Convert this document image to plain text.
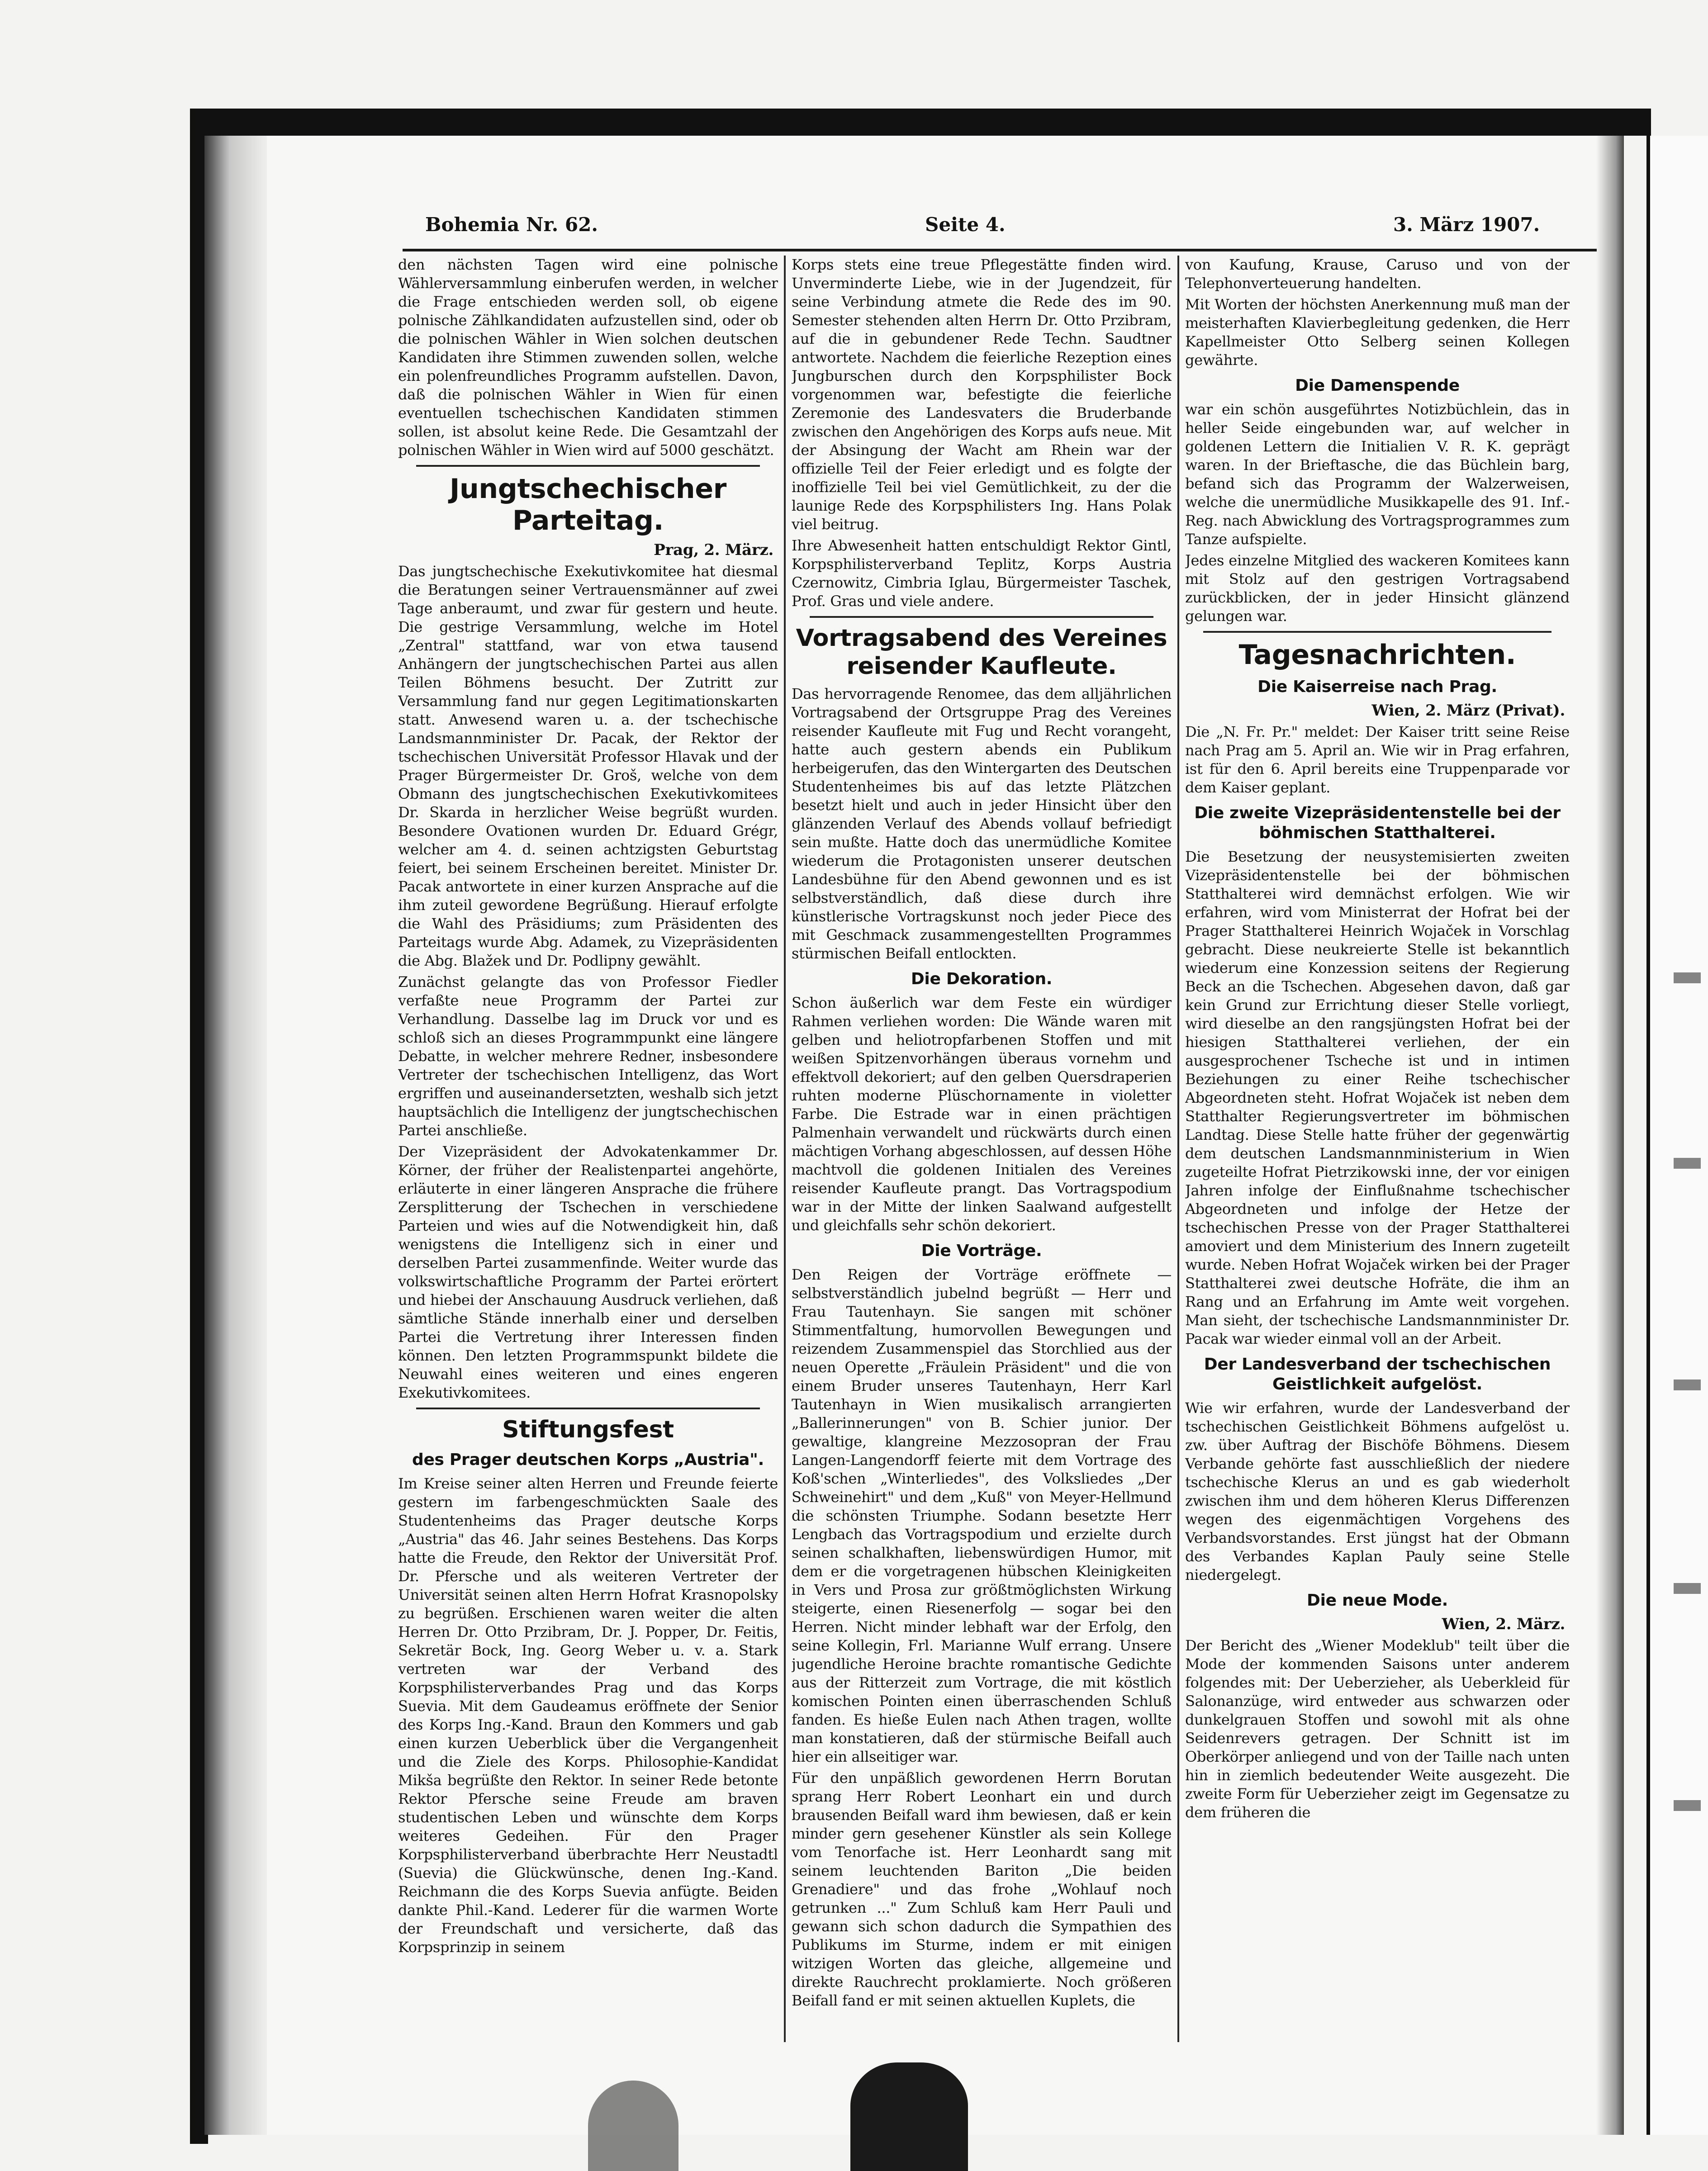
Bohemia Nr. 62.	Seite 4.	3. März 1907.

den nächsten Tagen wird eine polnische Wählerversammlung einberufen werden, in welcher die Frage entschieden werden soll, ob eigene polnische Zählkandidaten aufzustellen sind, oder ob die polnischen Wähler in Wien solchen deutschen Kandidaten ihre Stimmen zuwenden sollen, welche ein polenfreundliches Programm aufstellen. Davon, daß die polnischen Wähler in Wien für einen eventuellen tschechischen Kandidaten stimmen sollen, ist absolut keine Rede. Die Gesamtzahl der polnischen Wähler in Wien wird auf 5000 geschätzt.

Jungtschechischer Parteitag.

Prag, 2. März.

Das jungtschechische Exekutivkomitee hat diesmal die Beratungen seiner Vertrauensmänner auf zwei Tage anberaumt, und zwar für gestern und heute. Die gestrige Versammlung, welche im Hotel „Zentral" stattfand, war von etwa tausend Anhängern der jungtschechischen Partei aus allen Teilen Böhmens besucht. Der Zutritt zur Versammlung fand nur gegen Legitimationskarten statt. Anwesend waren u. a. der tschechische Landsmannminister Dr. Pacak, der Rektor der tschechischen Universität Professor Hlavak und der Prager Bürgermeister Dr. Groš, welche von dem Obmann des jungtschechischen Exekutivkomitees Dr. Skarda in herzlicher Weise begrüßt wurden. Besondere Ovationen wurden Dr. Eduard Grégr, welcher am 4. d. seinen achtzigsten Geburtstag feiert, bei seinem Erscheinen bereitet. Minister Dr. Pacak antwortete in einer kurzen Ansprache auf die ihm zuteil gewordene Begrüßung. Hierauf erfolgte die Wahl des Präsidiums; zum Präsidenten des Parteitags wurde Abg. Adamek, zu Vizepräsidenten die Abg. Blažek und Dr. Podlipny gewählt.

Zunächst gelangte das von Professor Fiedler verfaßte neue Programm der Partei zur Verhandlung. Dasselbe lag im Druck vor und es schloß sich an dieses Programmpunkt eine längere Debatte, in welcher mehrere Redner, insbesondere Vertreter der tschechischen Intelligenz, das Wort ergriffen und auseinandersetzten, weshalb sich jetzt hauptsächlich die Intelligenz der jungtschechischen Partei anschließe.

Der Vizepräsident der Advokatenkammer Dr. Körner, der früher der Realistenpartei angehörte, erläuterte in einer längeren Ansprache die frühere Zersplitterung der Tschechen in verschiedene Parteien und wies auf die Notwendigkeit hin, daß wenigstens die Intelligenz sich in einer und derselben Partei zusammenfinde. Weiter wurde das volkswirtschaftliche Programm der Partei erörtert und hiebei der Anschauung Ausdruck verliehen, daß sämtliche Stände innerhalb einer und derselben Partei die Vertretung ihrer Interessen finden können. Den letzten Programmspunkt bildete die Neuwahl eines weiteren und eines engeren Exekutivkomitees.

Stiftungsfest

des Prager deutschen Korps „Austria".

Im Kreise seiner alten Herren und Freunde feierte gestern im farbengeschmückten Saale des Studentenheims das Prager deutsche Korps „Austria" das 46. Jahr seines Bestehens. Das Korps hatte die Freude, den Rektor der Universität Prof. Dr. Pfersche und als weiteren Vertreter der Universität seinen alten Herrn Hofrat Krasnopolsky zu begrüßen. Erschienen waren weiter die alten Herren Dr. Otto Przibram, Dr. J. Popper, Dr. Feitis, Sekretär Bock, Ing. Georg Weber u. v. a. Stark vertreten war der Verband des Korpsphilisterverbandes Prag und das Korps Suevia. Mit dem Gaudeamus eröffnete der Senior des Korps Ing.-Kand. Braun den Kommers und gab einen kurzen Ueberblick über die Vergangenheit und die Ziele des Korps. Philosophie-Kandidat Mikša begrüßte den Rektor. In seiner Rede betonte Rektor Pfersche seine Freude am braven studentischen Leben und wünschte dem Korps weiteres Gedeihen. Für den Prager Korpsphilisterverband überbrachte Herr Neustadtl (Suevia) die Glückwünsche, denen Ing.-Kand. Reichmann die des Korps Suevia anfügte. Beiden dankte Phil.-Kand. Lederer für die warmen Worte der Freundschaft und versicherte, daß das Korpsprinzip in seinem

Korps stets eine treue Pflegestätte finden wird. Unverminderte Liebe, wie in der Jugendzeit, für seine Verbindung atmete die Rede des im 90. Semester stehenden alten Herrn Dr. Otto Przibram, auf die in gebundener Rede Techn. Saudtner antwortete. Nachdem die feierliche Rezeption eines Jungburschen durch den Korpsphilister Bock vorgenommen war, befestigte die feierliche Zeremonie des Landesvaters die Bruderbande zwischen den Angehörigen des Korps aufs neue. Mit der Absingung der Wacht am Rhein war der offizielle Teil der Feier erledigt und es folgte der inoffizielle Teil bei viel Gemütlichkeit, zu der die launige Rede des Korpsphilisters Ing. Hans Polak viel beitrug.

Ihre Abwesenheit hatten entschuldigt Rektor Gintl, Korpsphilisterverband Teplitz, Korps Austria Czernowitz, Cimbria Iglau, Bürgermeister Taschek, Prof. Gras und viele andere.

Vortragsabend des Vereines reisender Kaufleute.

Das hervorragende Renomee, das dem alljährlichen Vortragsabend der Ortsgruppe Prag des Vereines reisender Kaufleute mit Fug und Recht vorangeht, hatte auch gestern abends ein Publikum herbeigerufen, das den Wintergarten des Deutschen Studentenheimes bis auf das letzte Plätzchen besetzt hielt und auch in jeder Hinsicht über den glänzenden Verlauf des Abends vollauf befriedigt sein mußte. Hatte doch das unermüdliche Komitee wiederum die Protagonisten unserer deutschen Landesbühne für den Abend gewonnen und es ist selbstverständlich, daß diese durch ihre künstlerische Vortragskunst noch jeder Piece des mit Geschmack zusammengestellten Programmes stürmischen Beifall entlockten.

Die Dekoration.

Schon äußerlich war dem Feste ein würdiger Rahmen verliehen worden: Die Wände waren mit gelben und heliotropfarbenen Stoffen und mit weißen Spitzenvorhängen überaus vornehm und effektvoll dekoriert; auf den gelben Quersdraperien ruhten moderne Plüschornamente in violetter Farbe. Die Estrade war in einen prächtigen Palmenhain verwandelt und rückwärts durch einen mächtigen Vorhang abgeschlossen, auf dessen Höhe machtvoll die goldenen Initialen des Vereines reisender Kaufleute prangt. Das Vortragspodium war in der Mitte der linken Saalwand aufgestellt und gleichfalls sehr schön dekoriert.

Die Vorträge.

Den Reigen der Vorträge eröffnete — selbstverständlich jubelnd begrüßt — Herr und Frau Tautenhayn. Sie sangen mit schöner Stimmentfaltung, humorvollen Bewegungen und reizendem Zusammenspiel das Storchlied aus der neuen Operette „Fräulein Präsident" und die von einem Bruder unseres Tautenhayn, Herr Karl Tautenhayn in Wien musikalisch arrangierten „Ballerinnerungen" von B. Schier junior. Der gewaltige, klangreine Mezzosopran der Frau Langen-Langendorff feierte mit dem Vortrage des Koß'schen „Winterliedes", des Volksliedes „Der Schweinehirt" und dem „Kuß" von Meyer-Hellmund die schönsten Triumphe. Sodann besetzte Herr Lengbach das Vortragspodium und erzielte durch seinen schalkhaften, liebenswürdigen Humor, mit dem er die vorgetragenen hübschen Kleinigkeiten in Vers und Prosa zur größtmöglichsten Wirkung steigerte, einen Riesenerfolg — sogar bei den Herren. Nicht minder lebhaft war der Erfolg, den seine Kollegin, Frl. Marianne Wulf errang. Unsere jugendliche Heroine brachte romantische Gedichte aus der Ritterzeit zum Vortrage, die mit köstlich komischen Pointen einen überraschenden Schluß fanden. Es hieße Eulen nach Athen tragen, wollte man konstatieren, daß der stürmische Beifall auch hier ein allseitiger war.

Für den unpäßlich gewordenen Herrn Borutan sprang Herr Robert Leonhart ein und durch brausenden Beifall ward ihm bewiesen, daß er kein minder gern gesehener Künstler als sein Kollege vom Tenorfache ist. Herr Leonhardt sang mit seinem leuchtenden Bariton „Die beiden Grenadiere" und das frohe „Wohlauf noch getrunken ..." Zum Schluß kam Herr Pauli und gewann sich schon dadurch die Sympathien des Publikums im Sturme, indem er mit einigen witzigen Worten das gleiche, allgemeine und direkte Rauchrecht proklamierte. Noch größeren Beifall fand er mit seinen aktuellen Kuplets, die

von Kaufung, Krause, Caruso und von der Telephonverteuerung handelten.

Mit Worten der höchsten Anerkennung muß man der meisterhaften Klavierbegleitung gedenken, die Herr Kapellmeister Otto Selberg seinen Kollegen gewährte.

Die Damenspende

war ein schön ausgeführtes Notizbüchlein, das in heller Seide eingebunden war, auf welcher in goldenen Lettern die Initialien V. R. K. geprägt waren. In der Brieftasche, die das Büchlein barg, befand sich das Programm der Walzerweisen, welche die unermüdliche Musikkapelle des 91. Inf.-Reg. nach Abwicklung des Vortragsprogrammes zum Tanze aufspielte.

Jedes einzelne Mitglied des wackeren Komitees kann mit Stolz auf den gestrigen Vortragsabend zurückblicken, der in jeder Hinsicht glänzend gelungen war.

Tagesnachrichten.

Die Kaiserreise nach Prag.

Wien, 2. März (Privat).

Die „N. Fr. Pr." meldet: Der Kaiser tritt seine Reise nach Prag am 5. April an. Wie wir in Prag erfahren, ist für den 6. April bereits eine Truppenparade vor dem Kaiser geplant.

Die zweite Vizepräsidentenstelle bei der böhmischen Statthalterei.

Die Besetzung der neusystemisierten zweiten Vizepräsidentenstelle bei der böhmischen Statthalterei wird demnächst erfolgen. Wie wir erfahren, wird vom Ministerrat der Hofrat bei der Prager Statthalterei Heinrich Wojaček in Vorschlag gebracht. Diese neukreierte Stelle ist bekanntlich wiederum eine Konzession seitens der Regierung Beck an die Tschechen. Abgesehen davon, daß gar kein Grund zur Errichtung dieser Stelle vorliegt, wird dieselbe an den rangsjüngsten Hofrat bei der hiesigen Statthalterei verliehen, der ein ausgesprochener Tscheche ist und in intimen Beziehungen zu einer Reihe tschechischer Abgeordneten steht. Hofrat Wojaček ist neben dem Statthalter Regierungsvertreter im böhmischen Landtag. Diese Stelle hatte früher der gegenwärtig dem deutschen Landsmannministerium in Wien zugeteilte Hofrat Pietrzikowski inne, der vor einigen Jahren infolge der Einflußnahme tschechischer Abgeordneten und infolge der Hetze der tschechischen Presse von der Prager Statthalterei amoviert und dem Ministerium des Innern zugeteilt wurde. Neben Hofrat Wojaček wirken bei der Prager Statthalterei zwei deutsche Hofräte, die ihm an Rang und an Erfahrung im Amte weit vorgehen. Man sieht, der tschechische Landsmannminister Dr. Pacak war wieder einmal voll an der Arbeit.

Der Landesverband der tschechischen Geistlichkeit aufgelöst.

Wie wir erfahren, wurde der Landesverband der tschechischen Geistlichkeit Böhmens aufgelöst u. zw. über Auftrag der Bischöfe Böhmens. Diesem Verbande gehörte fast ausschließlich der niedere tschechische Klerus an und es gab wiederholt zwischen ihm und dem höheren Klerus Differenzen wegen des eigenmächtigen Vorgehens des Verbandsvorstandes. Erst jüngst hat der Obmann des Verbandes Kaplan Pauly seine Stelle niedergelegt.

Die neue Mode.

Wien, 2. März.

Der Bericht des „Wiener Modeklub" teilt über die Mode der kommenden Saisons unter anderem folgendes mit: Der Ueberzieher, als Ueberkleid für Salonanzüge, wird entweder aus schwarzen oder dunkelgrauen Stoffen und sowohl mit als ohne Seidenrevers getragen. Der Schnitt ist im Oberkörper anliegend und von der Taille nach unten hin in ziemlich bedeutender Weite ausgezeht. Die zweite Form für Ueberzieher zeigt im Gegensatze zu dem früheren die
